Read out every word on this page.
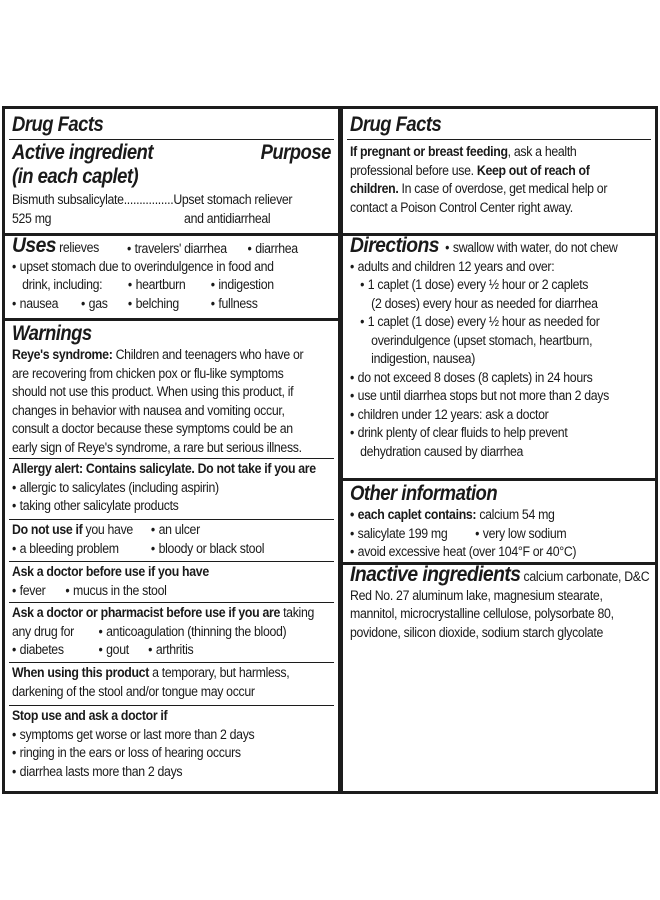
Drug Facts
Active ingredient	Purpose
(in each caplet)
Bismuth subsalicylate................Upset stomach reliever
525 mg	and antidiarrheal
Uses relieves	• travelers' diarrhea	• diarrhea
• upset stomach due to overindulgence in food and
drink, including:	• heartburn	• indigestion
• nausea	• gas	• belching	• fullness
Warnings
Reye's syndrome: Children and teenagers who have or
are recovering from chicken pox or flu-like symptoms
should not use this product. When using this product, if
changes in behavior with nausea and vomiting occur,
consult a doctor because these symptoms could be an
early sign of Reye's syndrome, a rare but serious illness.
Allergy alert: Contains salicylate. Do not take if you are
• allergic to salicylates (including aspirin)
• taking other salicylate products
Do not use if you have	• an ulcer
• a bleeding problem	• bloody or black stool
Ask a doctor before use if you have
• fever	• mucus in the stool
Ask a doctor or pharmacist before use if you are taking
any drug for	• anticoagulation (thinning the blood)
• diabetes	• gout	• arthritis
When using this product a temporary, but harmless,
darkening of the stool and/or tongue may occur
Stop use and ask a doctor if
• symptoms get worse or last more than 2 days
• ringing in the ears or loss of hearing occurs
• diarrhea lasts more than 2 days
Drug Facts
If pregnant or breast feeding, ask a health
professional before use. Keep out of reach of
children. In case of overdose, get medical help or
contact a Poison Control Center right away.
Directions • swallow with water, do not chew
• adults and children 12 years and over:
• 1 caplet (1 dose) every ½ hour or 2 caplets
(2 doses) every hour as needed for diarrhea
• 1 caplet (1 dose) every ½ hour as needed for
overindulgence (upset stomach, heartburn,
indigestion, nausea)
• do not exceed 8 doses (8 caplets) in 24 hours
• use until diarrhea stops but not more than 2 days
• children under 12 years: ask a doctor
• drink plenty of clear fluids to help prevent
dehydration caused by diarrhea
Other information
• each caplet contains: calcium 54 mg
• salicylate 199 mg	• very low sodium
• avoid excessive heat (over 104°F or 40°C)
Inactive ingredients calcium carbonate, D&C
Red No. 27 aluminum lake, magnesium stearate,
mannitol, microcrystalline cellulose, polysorbate 80,
povidone, silicon dioxide, sodium starch glycolate
